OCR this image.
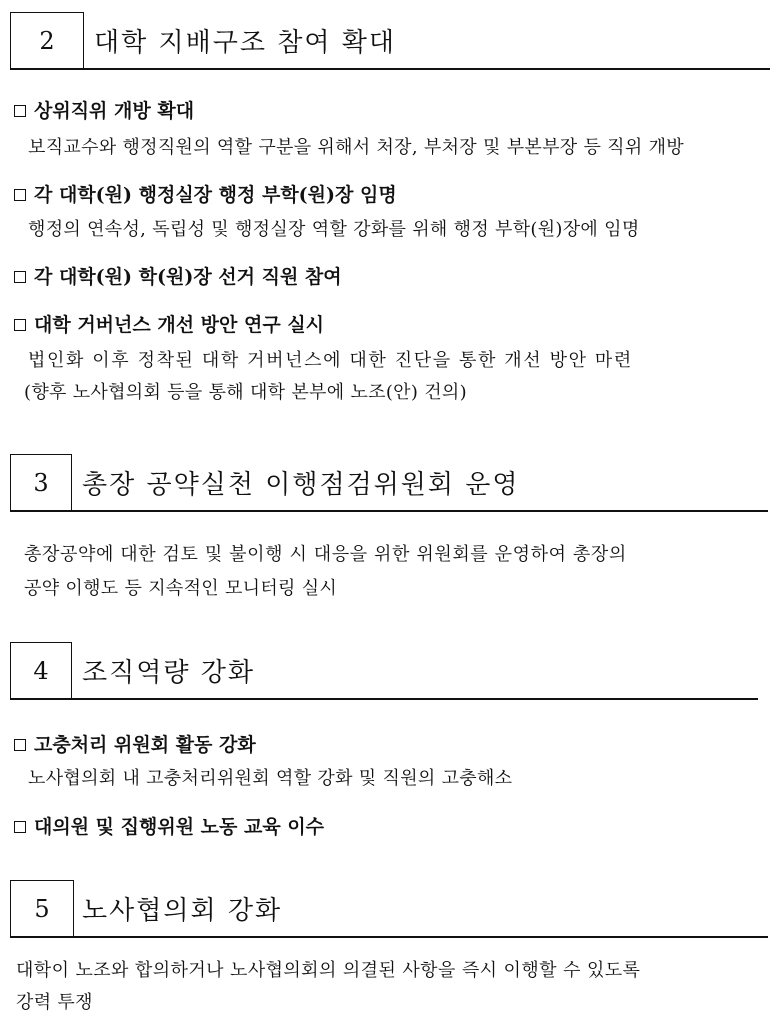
2	대학 지배구조 참여 확대
상위직위 개방 확대
보직교수와 행정직원의 역할 구분을 위해서 처장, 부처장 및 부본부장 등 직위 개방
각 대학(원) 행정실장 행정 부학(원)장 임명
행정의 연속성, 독립성 및 행정실장 역할 강화를 위해 행정 부학(원)장에 임명
각 대학(원) 학(원)장 선거 직원 참여
대학 거버넌스 개선 방안 연구 실시
법인화 이후 정착된 대학 거버넌스에 대한 진단을 통한 개선 방안 마련
(향후 노사협의회 등을 통해 대학 본부에 노조(안) 건의)
3	총장 공약실천 이행점검위원회 운영
총장공약에 대한 검토 및 불이행 시 대응을 위한 위원회를 운영하여 총장의
공약 이행도 등 지속적인 모니터링 실시
4	조직역량 강화
고충처리 위원회 활동 강화
노사협의회 내 고충처리위원회 역할 강화 및 직원의 고충해소
대의원 및 집행위원 노동 교육 이수
5	노사협의회 강화
대학이 노조와 합의하거나 노사협의회의 의결된 사항을 즉시 이행할 수 있도록
강력 투쟁
